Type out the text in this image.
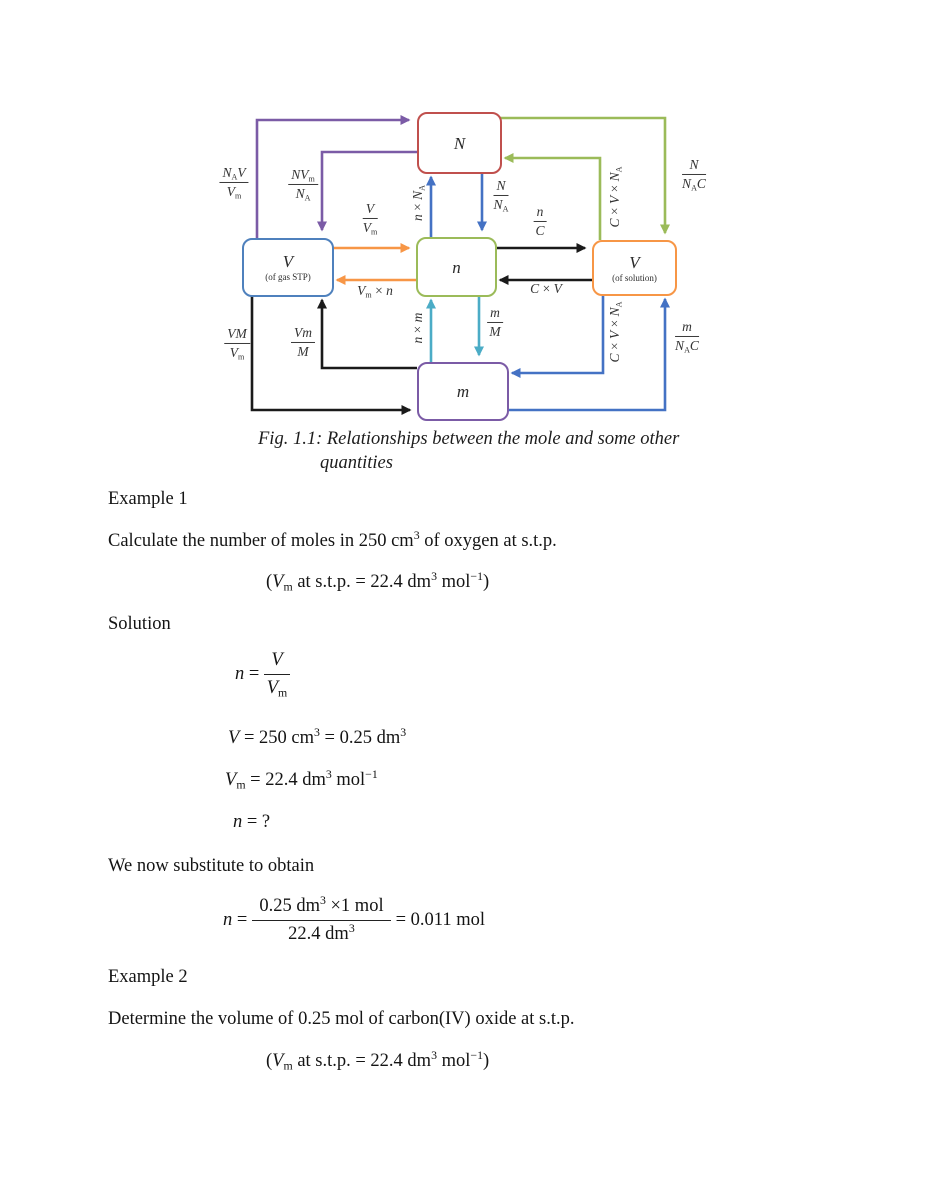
N
V
(of gas STP)
n	V
(of solution)
m
$N_AV$
$V_m$
$NV_m$
$N_A$
$\frac{V}{V_m}$
$V_m \times n$
$n \times N_A$	$\frac{N}{N_A}$
$\frac{n}{C}$
C × V
N
$N_AC$
$C \times V \times N_A$
n × m	$\frac{m}{M}$
$\frac{VM}{V_m}$	$\frac{Vm}{M}$	$C \times V \times N_A$
m
$N_AC$
Fig. 1.1: Relationships between the mole and some other
quantities
Example 1
Calculate the number of moles in 250 $cm^3$ of oxygen at s.t.p.
($V_m$ at s.t.p. = 22.4 $dm^3$ mol$^{-1}$)
Solution
$n = \frac{V}{V_m}$
V = 250 $cm^3 = 0.25$ $dm^3$
$V_m = 22.4$ $dm^3$ mol$^{-1}$
n = ?
We now substitute to obtain
n =
0.25 $dm^3 \times 1$ mol
22.4 $dm^3$	= 0.011 mol
Example 2
Determine the volume of 0.25 mol of carbon(IV) oxide at s.t.p.
($V_m$ at s.t.p. = 22.4 $dm^3$ mol$^{-1}$)
